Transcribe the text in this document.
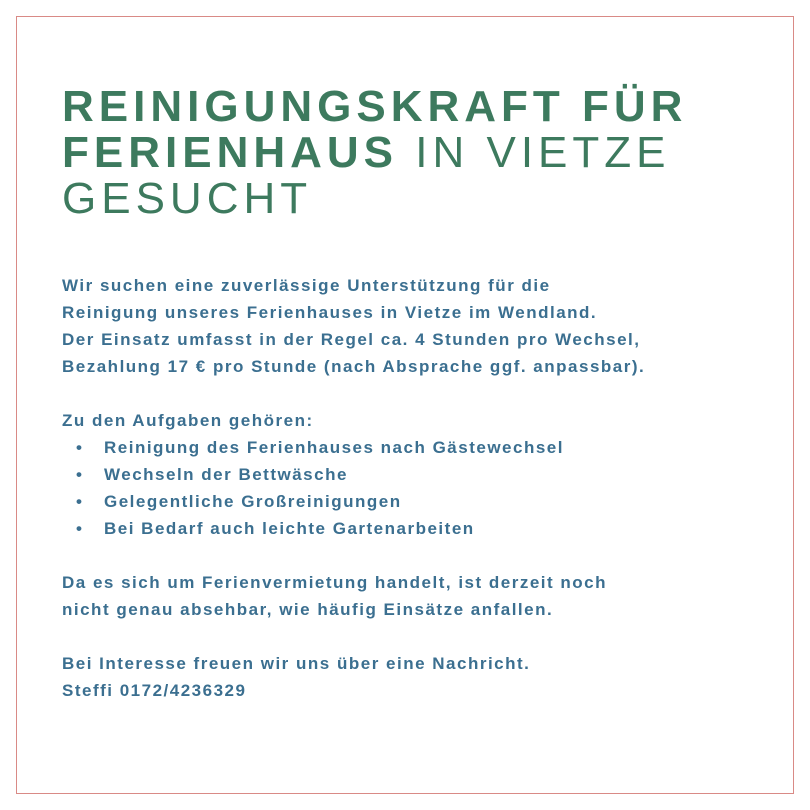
REINIGUNGSKRAFT FÜR
FERIENHAUS IN VIETZE
GESUCHT

Wir suchen eine zuverlässige Unterstützung für die

Reinigung unseres Ferienhauses in Vietze im Wendland.

Der Einsatz umfasst in der Regel ca. 4 Stunden pro Wechsel,

Bezahlung 17 € pro Stunde (nach Absprache ggf. anpassbar).

Zu den Aufgaben gehören:

• Reinigung des Ferienhauses nach Gästewechsel
• Wechseln der Bettwäsche
• Gelegentliche Großreinigungen
• Bei Bedarf auch leichte Gartenarbeiten

Da es sich um Ferienvermietung handelt, ist derzeit noch

nicht genau absehbar, wie häufig Einsätze anfallen.

Bei Interesse freuen wir uns über eine Nachricht.

Steffi 0172/4236329
